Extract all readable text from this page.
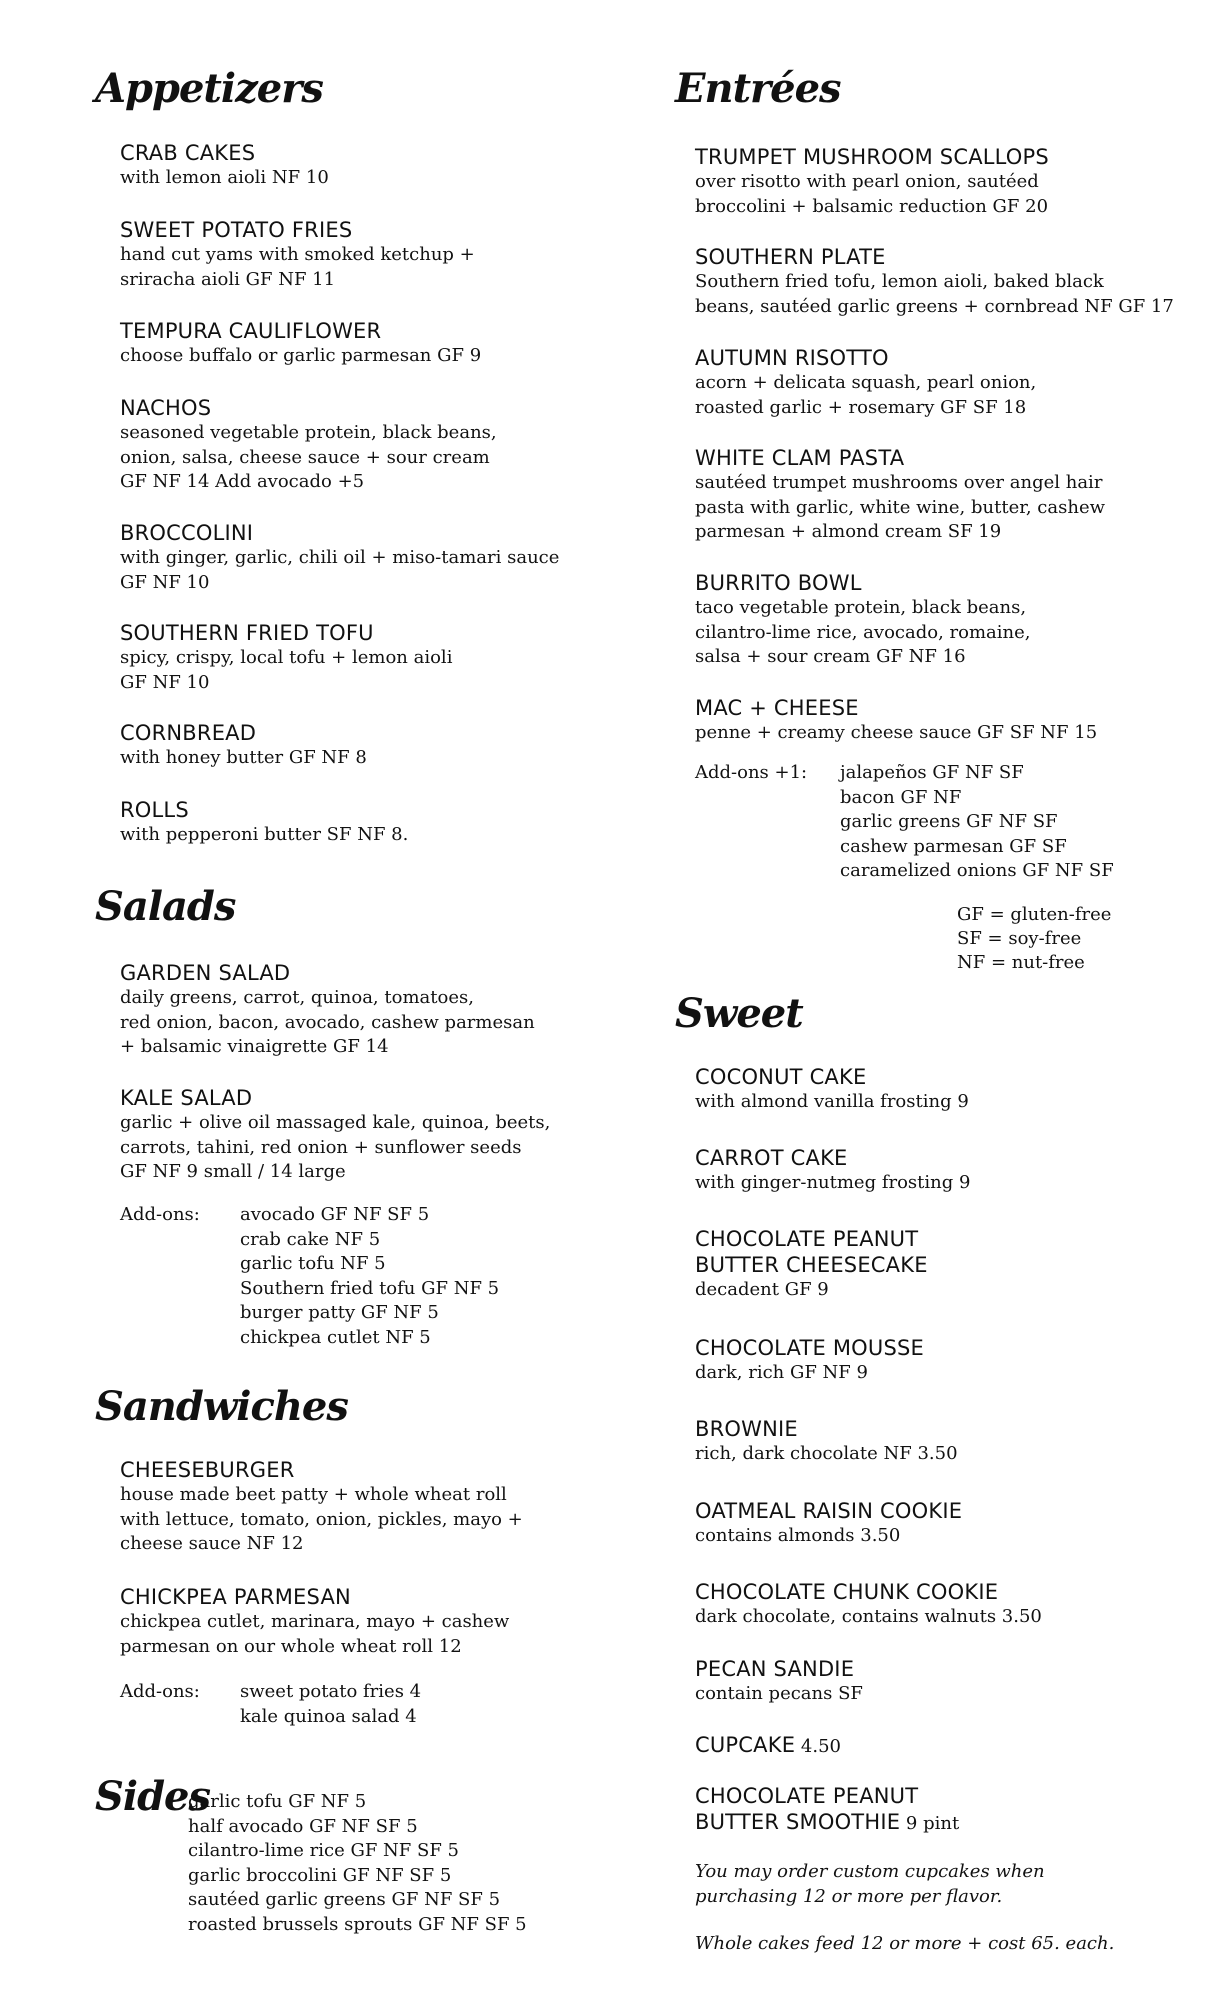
Appetizers
CRAB CAKES
with lemon aioli NF 10
SWEET POTATO FRIES
hand cut yams with smoked ketchup +
sriracha aioli GF NF 11
TEMPURA CAULIFLOWER
choose buffalo or garlic parmesan GF 9
NACHOS
seasoned vegetable protein, black beans,
onion, salsa, cheese sauce + sour cream
GF NF 14 Add avocado +5
BROCCOLINI
with ginger, garlic, chili oil + miso-tamari sauce
GF NF 10
SOUTHERN FRIED TOFU
spicy, crispy, local tofu + lemon aioli
GF NF 10
CORNBREAD
with honey butter GF NF 8
ROLLS
with pepperoni butter SF NF 8.
Salads
GARDEN SALAD
daily greens, carrot, quinoa, tomatoes,
red onion, bacon, avocado, cashew parmesan
+ balsamic vinaigrette GF 14
KALE SALAD
garlic + olive oil massaged kale, quinoa, beets,
carrots, tahini, red onion + sunflower seeds
GF NF 9 small / 14 large
Add-ons: avocado GF NF SF 5
crab cake NF 5
garlic tofu NF 5
Southern fried tofu GF NF 5
burger patty GF NF 5
chickpea cutlet NF 5
Sandwiches
CHEESEBURGER
house made beet patty + whole wheat roll
with lettuce, tomato, onion, pickles, mayo +
cheese sauce NF 12
CHICKPEA PARMESAN
chickpea cutlet, marinara, mayo + cashew
parmesan on our whole wheat roll 12
Add-ons: sweet potato fries 4
kale quinoa salad 4
Sides
garlic tofu GF NF 5
half avocado GF NF SF 5
cilantro-lime rice GF NF SF 5
garlic broccolini GF NF SF 5
sautéed garlic greens GF NF SF 5
roasted brussels sprouts GF NF SF 5
Entrées
TRUMPET MUSHROOM SCALLOPS
over risotto with pearl onion, sautéed
broccolini + balsamic reduction GF 20
SOUTHERN PLATE
Southern fried tofu, lemon aioli, baked black
beans, sautéed garlic greens + cornbread NF GF 17
AUTUMN RISOTTO
acorn + delicata squash, pearl onion,
roasted garlic + rosemary GF SF 18
WHITE CLAM PASTA
sautéed trumpet mushrooms over angel hair
pasta with garlic, white wine, butter, cashew
parmesan + almond cream SF 19
BURRITO BOWL
taco vegetable protein, black beans,
cilantro-lime rice, avocado, romaine,
salsa + sour cream GF NF 16
MAC + CHEESE
penne + creamy cheese sauce GF SF NF 15
Add-ons +1: jalapeños GF NF SF
bacon GF NF
garlic greens GF NF SF
cashew parmesan GF SF
caramelized onions GF NF SF
GF = gluten-free
SF = soy-free
NF = nut-free
Sweet
COCONUT CAKE
with almond vanilla frosting 9
CARROT CAKE
with ginger-nutmeg frosting 9
CHOCOLATE PEANUT
BUTTER CHEESECAKE
decadent GF 9
CHOCOLATE MOUSSE
dark, rich GF NF 9
BROWNIE
rich, dark chocolate NF 3.50
OATMEAL RAISIN COOKIE
contains almonds 3.50
CHOCOLATE CHUNK COOKIE
dark chocolate, contains walnuts 3.50
PECAN SANDIE
contain pecans SF
CUPCAKE 4.50
CHOCOLATE PEANUT
BUTTER SMOOTHIE 9 pint
You may order custom cupcakes when
purchasing 12 or more per flavor.
Whole cakes feed 12 or more + cost 65. each.
